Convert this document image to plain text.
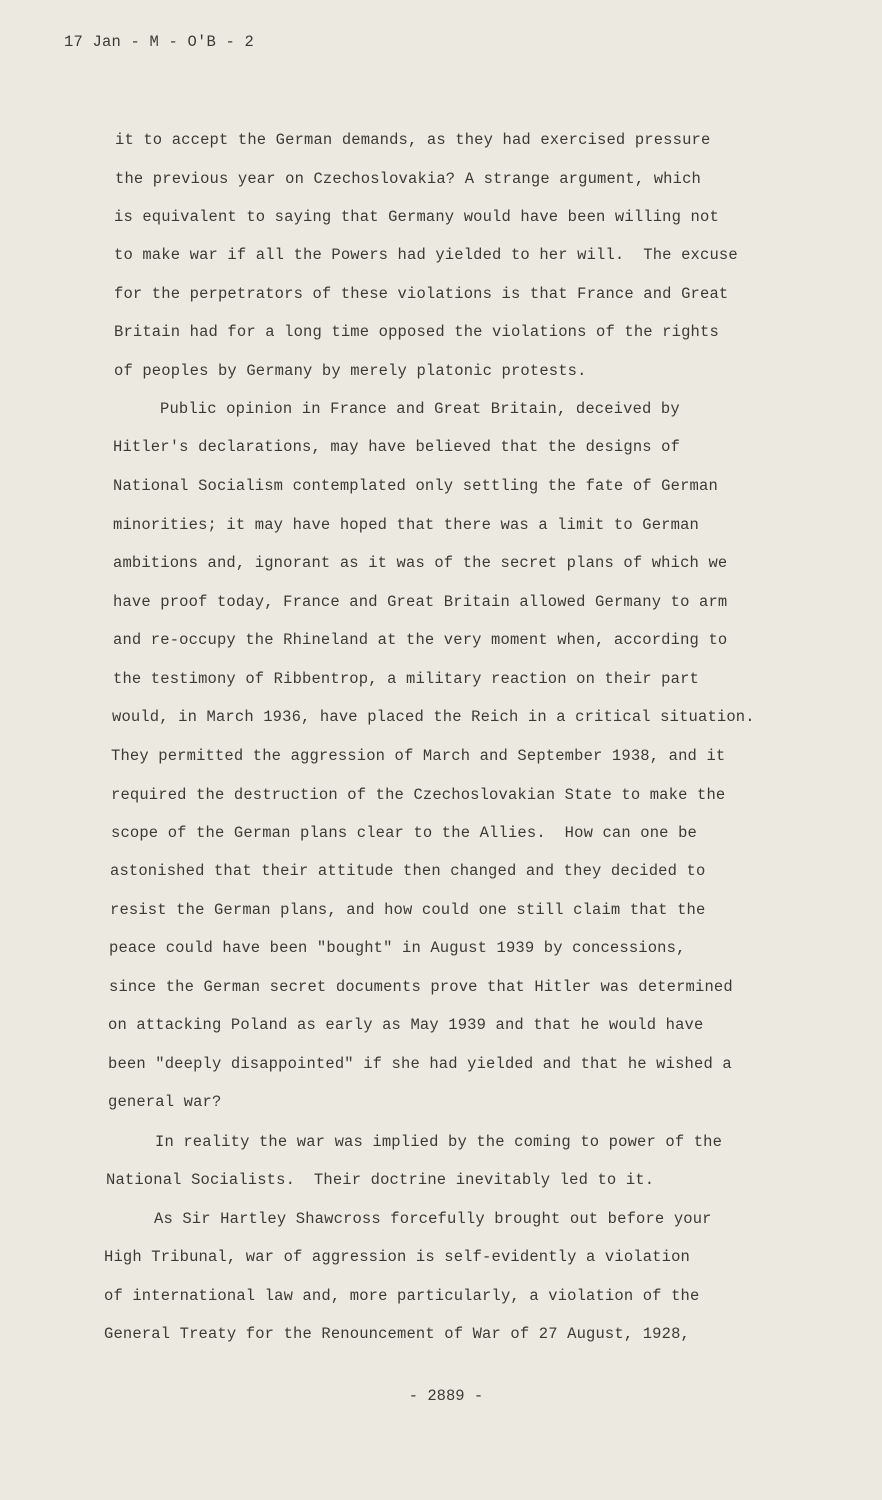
17 Jan - M - O'B - 2
it to accept the German demands, as they had exercised pressure
the previous year on Czechoslovakia? A strange argument, which
is equivalent to saying that Germany would have been willing not
to make war if all the Powers had yielded to her will.  The excuse
for the perpetrators of these violations is that France and Great
Britain had for a long time opposed the violations of the rights
of peoples by Germany by merely platonic protests.
Public opinion in France and Great Britain, deceived by
Hitler's declarations, may have believed that the designs of
National Socialism contemplated only settling the fate of German
minorities; it may have hoped that there was a limit to German
ambitions and, ignorant as it was of the secret plans of which we
have proof today, France and Great Britain allowed Germany to arm
and re-occupy the Rhineland at the very moment when, according to
the testimony of Ribbentrop, a military reaction on their part
would, in March 1936, have placed the Reich in a critical situation.
They permitted the aggression of March and September 1938, and it
required the destruction of the Czechoslovakian State to make the
scope of the German plans clear to the Allies.  How can one be
astonished that their attitude then changed and they decided to
resist the German plans, and how could one still claim that the
peace could have been "bought" in August 1939 by concessions,
since the German secret documents prove that Hitler was determined
on attacking Poland as early as May 1939 and that he would have
been "deeply disappointed" if she had yielded and that he wished a
general war?
In reality the war was implied by the coming to power of the
National Socialists.  Their doctrine inevitably led to it.
As Sir Hartley Shawcross forcefully brought out before your
High Tribunal, war of aggression is self-evidently a violation
of international law and, more particularly, a violation of the
General Treaty for the Renouncement of War of 27 August, 1928,
- 2889 -
